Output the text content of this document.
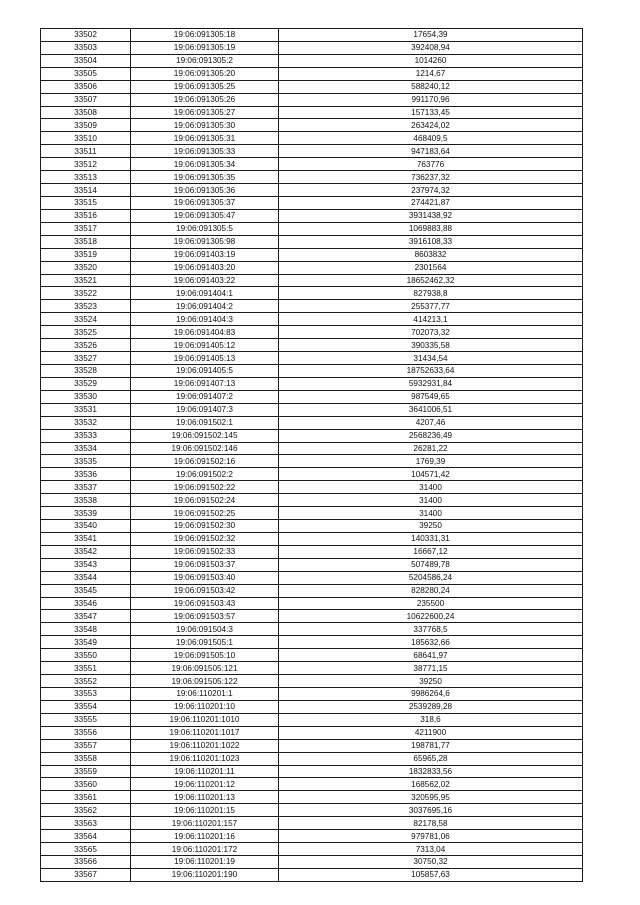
33502	19:06:091305:18	17654,39
33503	19:06:091305:19	392408,94
33504	19:06:091305:2	1014260
33505	19:06:091305:20	1214,67
33506	19:06:091305:25	588240,12
33507	19:06:091305:26	991170,96
33508	19:06:091305:27	157133,45
33509	19:06:091305:30	263424,02
33510	19:06:091305:31	468409,5
33511	19:06:091305:33	947183,64
33512	19:06:091305:34	763776
33513	19:06:091305:35	736237,32
33514	19:06:091305:36	237974,32
33515	19:06:091305:37	274421,87
33516	19:06:091305:47	3931438,92
33517	19:06:091305:5	1069883,88
33518	19:06:091305:98	3916108,33
33519	19:06:091403:19	8603832
33520	19:06:091403:20	2301564
33521	19:06:091403:22	18652462,32
33522	19:06:091404:1	827938,8
33523	19:06:091404:2	255377,77
33524	19:06:091404:3	414213,1
33525	19:06:091404:83	702073,32
33526	19:06:091405:12	390335,58
33527	19:06:091405:13	31434,54
33528	19:06:091405:5	18752633,64
33529	19:06:091407:13	5932931,84
33530	19:06:091407:2	987549,65
33531	19:06:091407:3	3641006,51
33532	19:06:091502:1	4207,46
33533	19:06:091502:145	2568236,49
33534	19:06:091502:146	26281,22
33535	19:06:091502:16	1769,39
33536	19:06:091502:2	104571,42
33537	19:06:091502:22	31400
33538	19:06:091502:24	31400
33539	19:06:091502:25	31400
33540	19:06:091502:30	39250
33541	19:06:091502:32	140331,31
33542	19:06:091502:33	16667,12
33543	19:06:091503:37	507489,78
33544	19:06:091503:40	5204586,24
33545	19:06:091503:42	828280,24
33546	19:06:091503:43	235500
33547	19:06:091503:57	10622600,24
33548	19:06:091504:3	337768,5
33549	19:06:091505:1	185632,66
33550	19:06:091505:10	68641,97
33551	19:06:091505:121	38771,15
33552	19:06:091505:122	39250
33553	19:06:110201:1	9986264,6
33554	19:06:110201:10	2539289,28
33555	19:06:110201:1010	318,6
33556	19:06:110201:1017	4211900
33557	19:06:110201:1022	198781,77
33558	19:06:110201:1023	65965,28
33559	19:06:110201:11	1832833,56
33560	19:06:110201:12	168562,02
33561	19:06:110201:13	320595,95
33562	19:06:110201:15	3037695,16
33563	19:06:110201:157	82178,58
33564	19:06:110201:16	979781,06
33565	19:06:110201:172	7313,04
33566	19:06:110201:19	30750,32
33567	19:06:110201:190	105857,63
